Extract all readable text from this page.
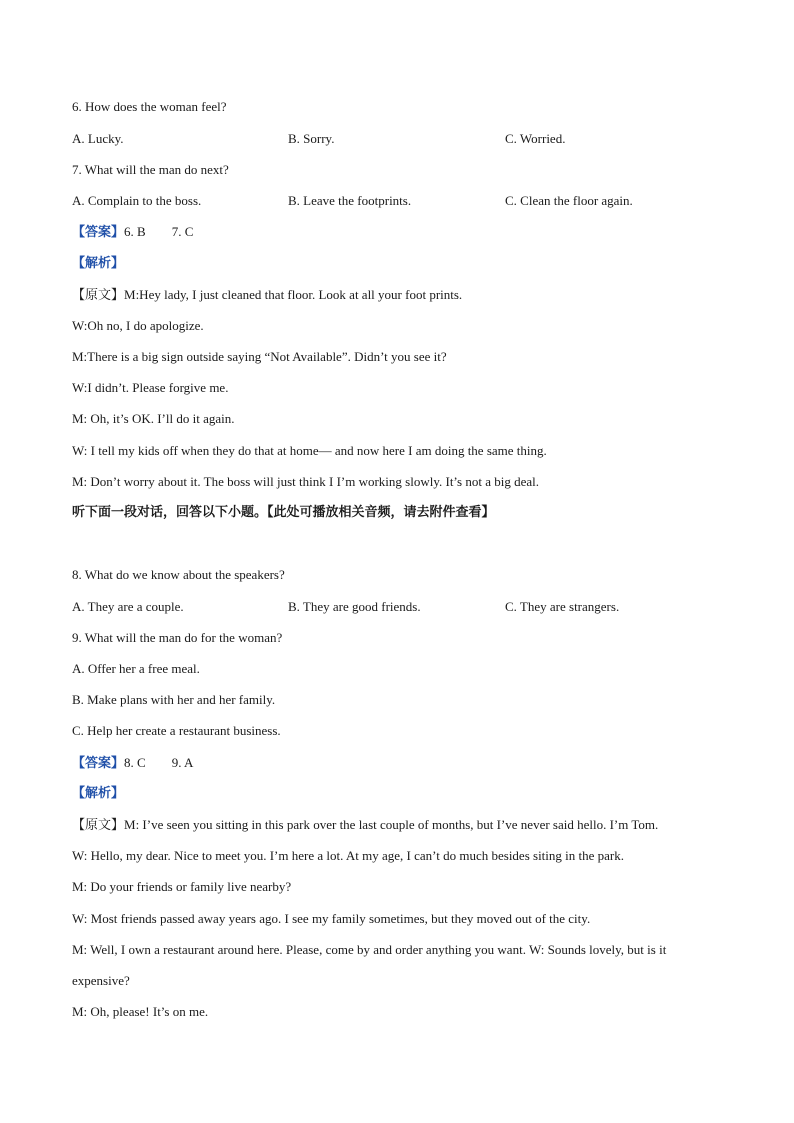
6. How does the woman feel?
A. Lucky.	B. Sorry.	C. Worried.
7. What will the man do next?
A. Complain to the boss.	B. Leave the footprints.	C. Clean the floor again.
【答案】6. B 7. C
【解析】
【原文】M:Hey lady, I just cleaned that floor. Look at all your foot prints.
W:Oh no, I do apologize.
M:There is a big sign outside saying “Not Available”. Didn’t you see it?
W:I didn’t. Please forgive me.
M: Oh, it’s OK. I’ll do it again.
W: I tell my kids off when they do that at home— and now here I am doing the same thing.
M: Don’t worry about it. The boss will just think I I’m working slowly. It’s not a big deal.
听下面一段对话，回答以下小题。【此处可播放相关音频，请去附件查看】
8. What do we know about the speakers?
A. They are a couple.	B. They are good friends.	C. They are strangers.
9. What will the man do for the woman?
A. Offer her a free meal.
B. Make plans with her and her family.
C. Help her create a restaurant business.
【答案】8. C 9. A
【解析】
【原文】M: I’ve seen you sitting in this park over the last couple of months, but I’ve never said hello. I’m Tom.
W: Hello, my dear. Nice to meet you. I’m here a lot. At my age, I can’t do much besides siting in the park.
M: Do your friends or family live nearby?
W: Most friends passed away years ago. I see my family sometimes, but they moved out of the city.
M: Well, I own a restaurant around here. Please, come by and order anything you want. W: Sounds lovely, but is it
expensive?
M: Oh, please! It’s on me.
